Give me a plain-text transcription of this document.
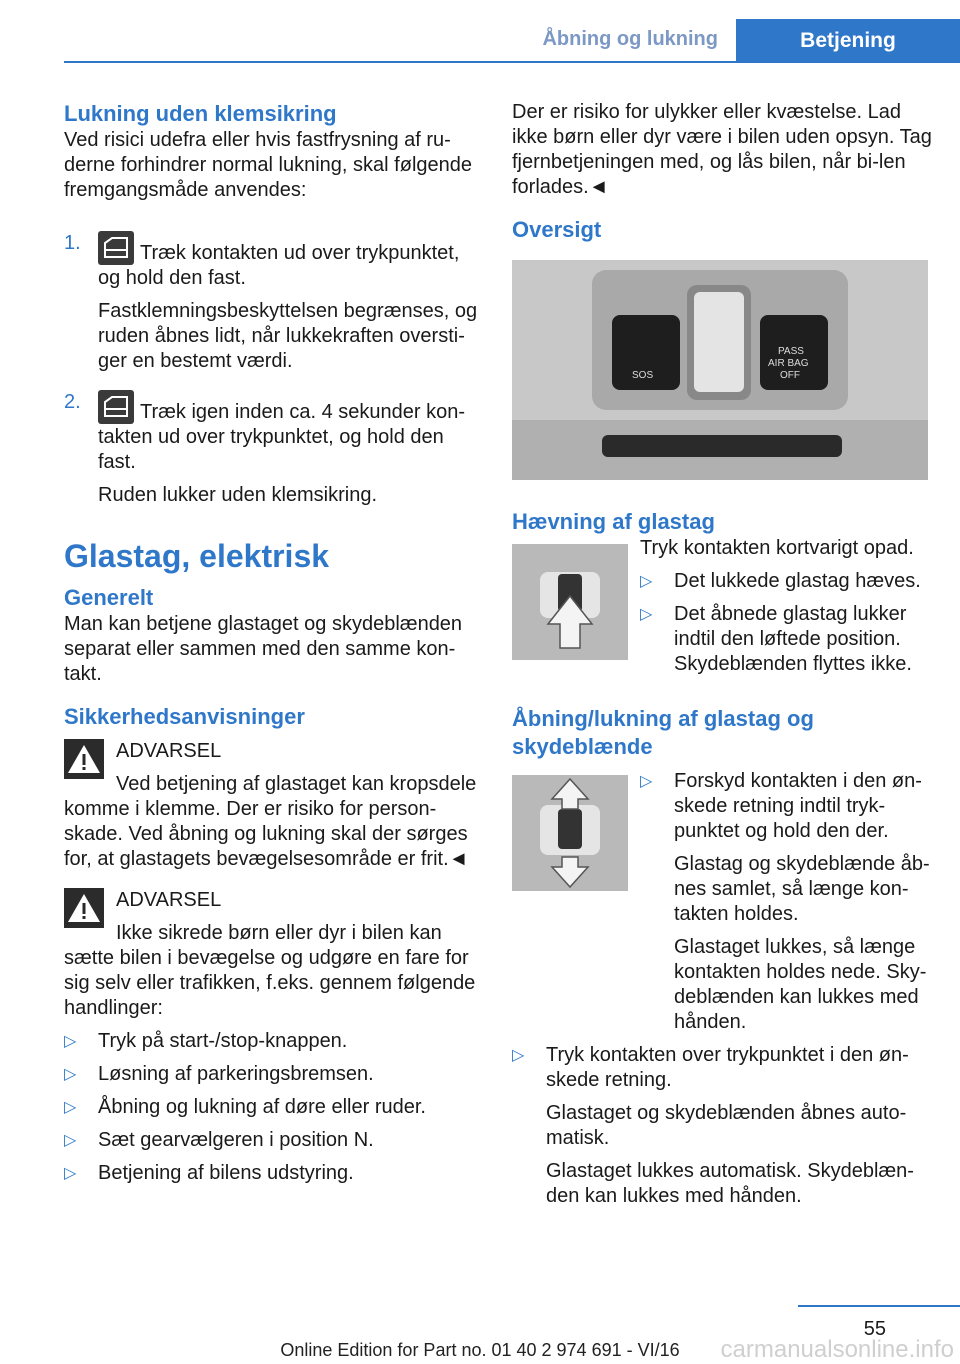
Åbning og lukning	Betjening
Lukning uden klemsikring

Ved risici udefra eller hvis fastfrysning af ru-derne forhindrer normal lukning, skal følgende fremgangsmåde anvendes:

1.	Træk kontakten ud over trykpunktet, og hold den fast.

Fastklemningsbeskyttelsen begrænses, og ruden åbnes lidt, når lukkekraften oversti-ger en bestemt værdi.

2.	Træk igen inden ca. 4 sekunder kon-takten ud over trykpunktet, og hold den fast.

Ruden lukker uden klemsikring.

Glastag, elektrisk
Generelt

Man kan betjene glastaget og skydeblænden separat eller sammen med den samme kon-takt.

Sikkerhedsanvisninger

ADVARSEL

Ved betjening af glastaget kan kropsdele

komme i klemme. Der er risiko for person-skade. Ved åbning og lukning skal der sørges for, at glastagets bevægelsesområde er frit.◄

ADVARSEL

Ikke sikrede børn eller dyr i bilen kan

sætte bilen i bevægelse og udgøre en fare for sig selv eller trafikken, f.eks. gennem følgende handlinger:

▷ Tryk på start-/stop-knappen.
▷ Løsning af parkeringsbremsen.
▷ Åbning og lukning af døre eller ruder.
▷ Sæt gearvælgeren i position N.
▷ Betjening af bilens udstyring.

Der er risiko for ulykker eller kvæstelse. Lad ikke børn eller dyr være i bilen uden opsyn. Tag fjernbetjeningen med, og lås bilen, når bi-len forlades.◄

Oversigt
SOS
PASS
AIR BAG
OFF
Hævning af glastag

Tryk kontakten kortvarigt opad.

▷ Det lukkede glastag hæves.
▷ Det åbnede glastag lukker indtil den løftede position. Skydeblænden flyttes ikke.
Åbning/lukning af glastag og skydeblænde
▷ Forskyd kontakten i den øn-skede retning indtil tryk-punktet og hold den der.

Glastag og skydeblænde åb-nes samlet, så længe kon-takten holdes.

Glastaget lukkes, så længe kontakten holdes nede. Sky-deblænden kan lukkes med hånden.

▷ Tryk kontakten over trykpunktet i den øn-skede retning.

Glastaget og skydeblænden åbnes auto-matisk.

Glastaget lukkes automatisk. Skydeblæn-den kan lukkes med hånden.

55
Online Edition for Part no. 01 40 2 974 691 - VI/16	carmanualsonline.info
